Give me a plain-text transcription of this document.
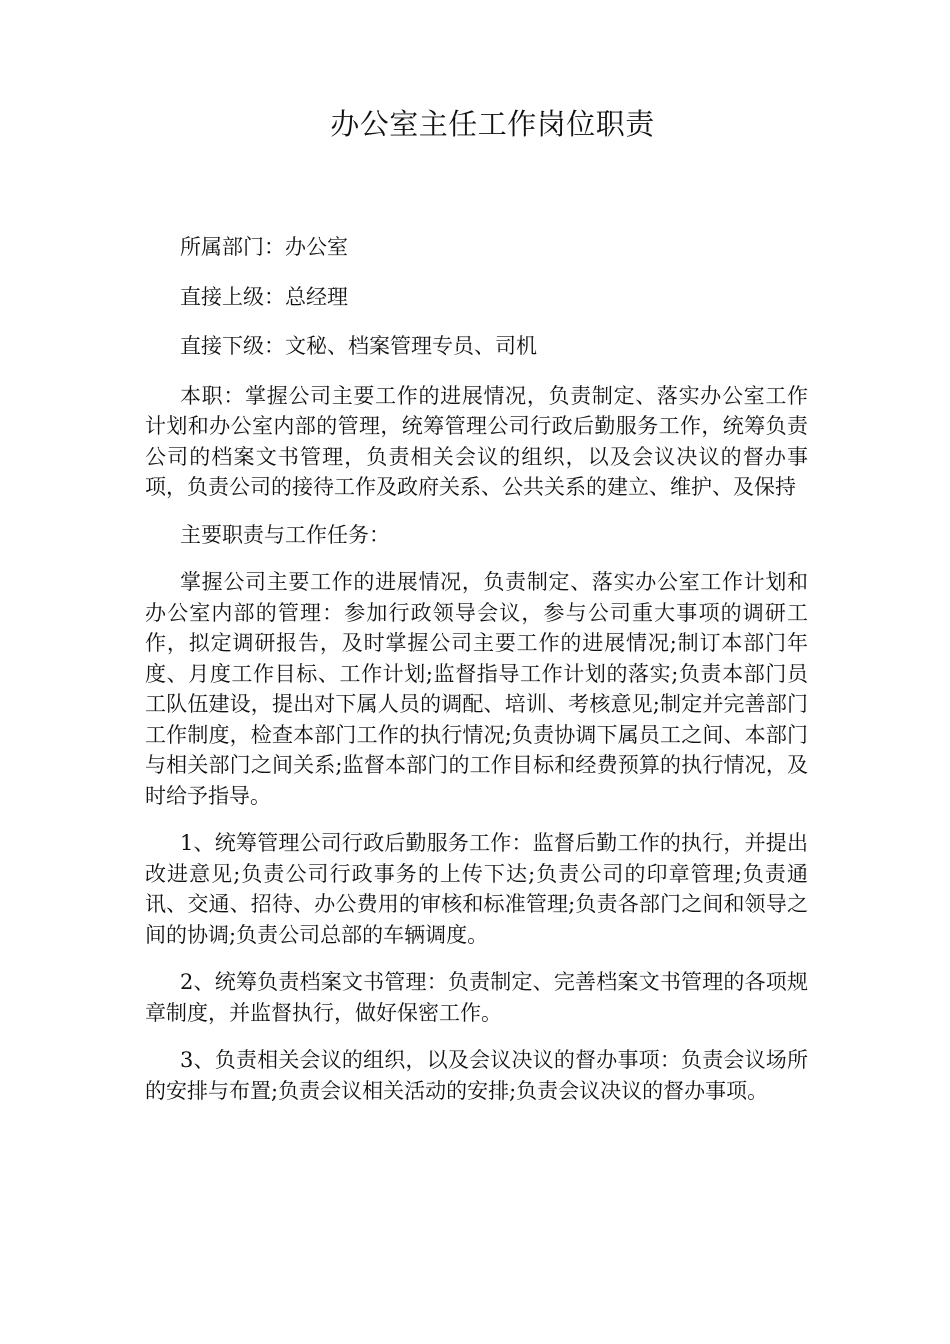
办公室主任工作岗位职责

所属部门：办公室

直接上级：总经理

直接下级：文秘、档案管理专员、司机

本职：掌握公司主要工作的进展情况，负责制定、落实办公室工作计划和办公室内部的管理，统筹管理公司行政后勤服务工作，统筹负责公司的档案文书管理，负责相关会议的组织，以及会议决议的督办事项，负责公司的接待工作及政府关系、公共关系的建立、维护、及保持

主要职责与工作任务：

掌握公司主要工作的进展情况，负责制定、落实办公室工作计划和办公室内部的管理：参加行政领导会议，参与公司重大事项的调研工作，拟定调研报告，及时掌握公司主要工作的进展情况;制订本部门年度、月度工作目标、工作计划;监督指导工作计划的落实;负责本部门员工队伍建设，提出对下属人员的调配、培训、考核意见;制定并完善部门工作制度，检查本部门工作的执行情况;负责协调下属员工之间、本部门与相关部门之间关系;监督本部门的工作目标和经费预算的执行情况，及时给予指导。

1、统筹管理公司行政后勤服务工作：监督后勤工作的执行，并提出改进意见;负责公司行政事务的上传下达;负责公司的印章管理;负责通讯、交通、招待、办公费用的审核和标准管理;负责各部门之间和领导之间的协调;负责公司总部的车辆调度。

2、统筹负责档案文书管理：负责制定、完善档案文书管理的各项规章制度，并监督执行，做好保密工作。

3、负责相关会议的组织，以及会议决议的督办事项：负责会议场所的安排与布置;负责会议相关活动的安排;负责会议决议的督办事项。
